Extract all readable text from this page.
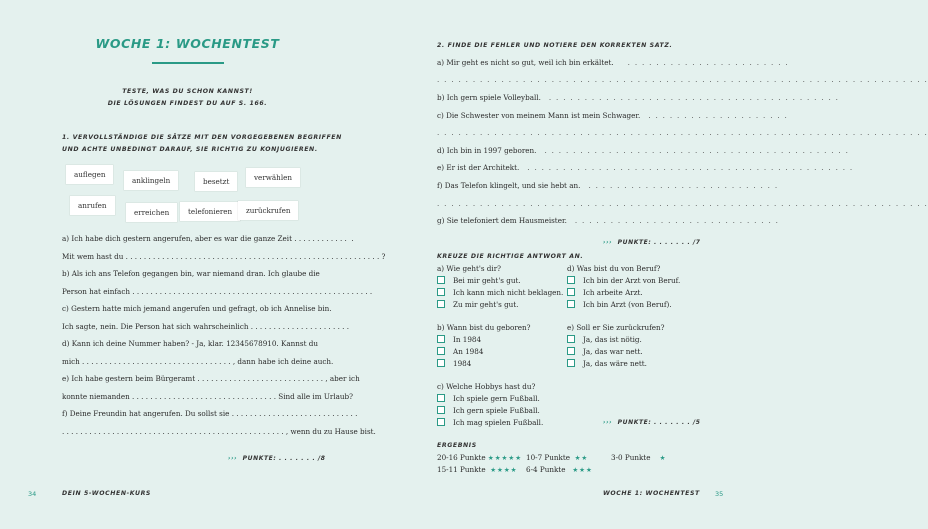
WOCHE 1: WOCHENTEST
TESTE, WAS DU SCHON KANNST!
DIE LÖSUNGEN FINDEST DU AUF S. 166.
1. VERVOLLSTÄNDIGE DIE SÄTZE MIT DEN VORGEGEBENEN BEGRIFFEN
UND ACHTE UNBEDINGT DARAUF, SIE RICHTIG ZU KONJUGIEREN.
auflegen
anklingeln	besetzt	verwählen
anrufen
erreichen	telefonieren	zurückrufen
a) Ich habe dich gestern angerufen, aber es war die ganze Zeit . . . . . . . . . . . .  .
Mit wem hast du . . . . . . . . . . . . . . . . . . . . . . . . . . . . . . . . . . . . . . . . . . . . . . . . . . . . . . . . ?
b) Als ich ans Telefon gegangen bin, war niemand dran. Ich glaube die
Person hat einfach . . . . . . . . . . . . . . . . . . . . . . . . . . . . . . . . . . . . . . . . . . . . . . . . . . . . .
c) Gestern hatte mich jemand angerufen und gefragt, ob ich Annelise bin.
Ich sagte, nein. Die Person hat sich wahrscheinlich . . . . . . . . . . . . . . . . . . . . . .
d) Kann ich deine Nummer haben? - Ja, klar. 12345678910. Kannst du
mich . . . . . . . . . . . . . . . . . . . . . . . . . . . . . . . . . , dann habe ich deine auch.
e) Ich habe gestern beim Bürgeramt . . . . . . . . . . . . . . . . . . . . . . . . . . . . , aber ich
konnte niemanden . . . . . . . . . . . . . . . . . . . . . . . . . . . . . . . . Sind alle im Urlaub?
f) Deine Freundin hat angerufen. Du sollst sie . . . . . . . . . . . . . . . . . . . . . . . . . . . .
. . . . . . . . . . . . . . . . . . . . . . . . . . . . . . . . . . . . . . . . . . . . . . . . . , wenn du zu Hause bist.
››› PUNKTE: . . . . . . . /8
34	DEIN 5-WOCHEN-KURS
2. FINDE DIE FEHLER UND NOTIERE DEN KORREKTEN SATZ.
a) Mir geht es nicht so gut, weil ich bin erkältet. . . . . . . . . . . . . . . . . . . . . . . .
. . . . . . . . . . . . . . . . . . . . . . . . . . . . . . . . . . . . . . . . . . . . . . . . . . . . . . . . . . . . . . . . . . . . .
b) Ich gern spiele Volleyball. . . . . . . . . . . . . . . . . . . . . . . . . . . . . . . . . . . . . . . . . .
c) Die Schwester von meinem Mann ist mein Schwager. . . . . . . . . . . . . . . . . . . . .
. . . . . . . . . . . . . . . . . . . . . . . . . . . . . . . . . . . . . . . . . . . . . . . . . . . . . . . . . . . . . . . . . . . . .
d) Ich bin in 1997 geboren. . . . . . . . . . . . . . . . . . . . . . . . . . . . . . . . . . . . . . . . . . . .
e) Er ist der Architekt. . . . . . . . . . . . . . . . . . . . . . . . . . . . . . . . . . . . . . . . . . . . . . .
f) Das Telefon klingelt, und sie hebt an. . . . . . . . . . . . . . . . . . . . . . . . . . . .
. . . . . . . . . . . . . . . . . . . . . . . . . . . . . . . . . . . . . . . . . . . . . . . . . . . . . . . . . . . . . . . . . . . . .
g) Sie telefoniert dem Hausmeister. . . . . . . . . . . . . . . . . . . . . . . . . . . . . .
››› PUNKTE: . . . . . . . /7
KREUZE DIE RICHTIGE ANTWORT AN.
a) Wie geht's dir?
Bei mir geht's gut.
Ich kann mich nicht beklagen.
Zu mir geht's gut.
d) Was bist du von Beruf?
Ich bin der Arzt von Beruf.
Ich arbeite Arzt.
Ich bin Arzt (von Beruf).
b) Wann bist du geboren?
In 1984
An 1984
1984
e) Soll er Sie zurückrufen?
Ja, das ist nötig.
Ja, das war nett.
Ja, das wäre nett.
c) Welche Hobbys hast du?
Ich spiele gern Fußball.
Ich gern spiele Fußball.
Ich mag spielen Fußball.	››› PUNKTE: . . . . . . . /5
ERGEBNIS
20-16 Punkte ★★★★★ 10-7 Punkte ★★	3-0 Punkte ★
15-11 Punkte ★★★★ 6-4 Punkte ★★★
WOCHE 1: WOCHENTEST 35
